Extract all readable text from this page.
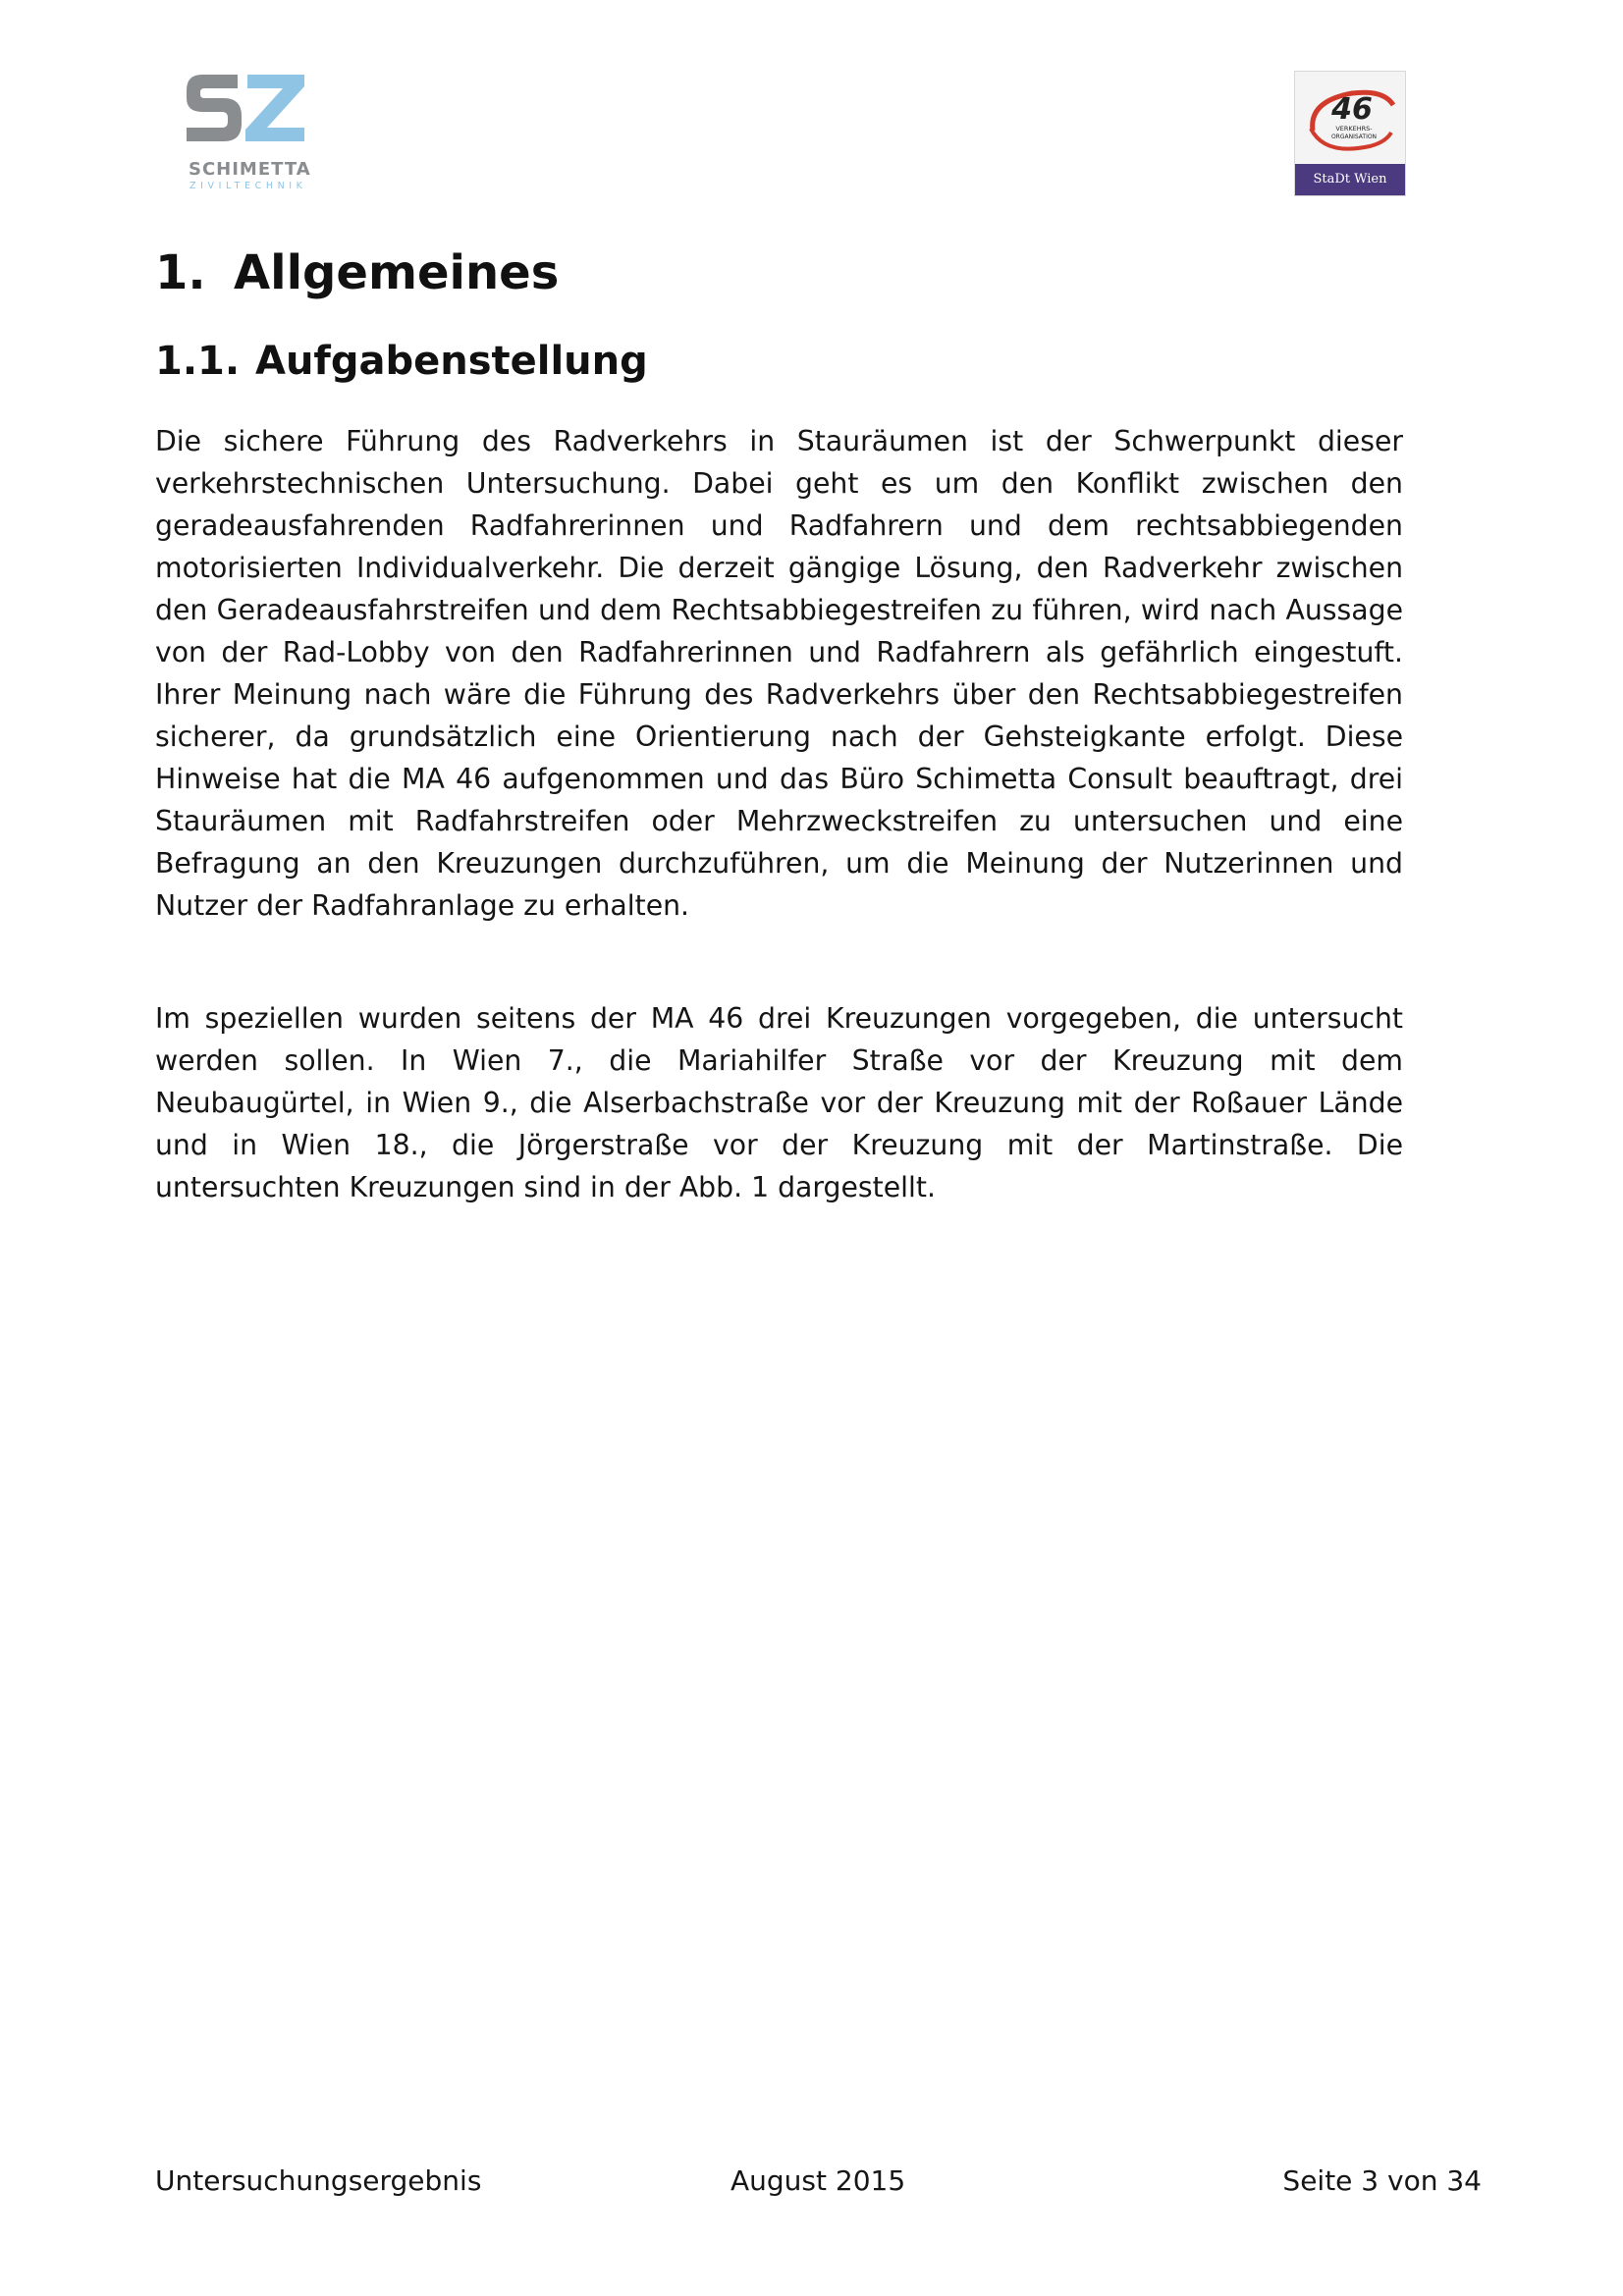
SCHIMETTA
ZIVILTECHNIK
46
VERKEHRS-
ORGANISATION
StaDt Wien
1. Allgemeines
1.1. Aufgabenstellung

Die sichere Führung des Radverkehrs in Stauräumen ist der Schwerpunkt dieser verkehrstechnischen Untersuchung. Dabei geht es um den Konflikt zwischen den geradeausfahrenden Radfahrerinnen und Radfahrern und dem rechtsabbiegenden motorisierten Individualverkehr. Die derzeit gängige Lösung, den Radverkehr zwischen den Geradeausfahrstreifen und dem Rechtsabbiegestreifen zu führen, wird nach Aussage von der Rad-Lobby von den Radfahrerinnen und Radfahrern als gefährlich eingestuft. Ihrer Meinung nach wäre die Führung des Radverkehrs über den Rechtsabbiegestreifen sicherer, da grundsätzlich eine Orientierung nach der Gehsteigkante erfolgt. Diese Hinweise hat die MA 46 aufgenommen und das Büro Schimetta Consult beauftragt, drei Stauräumen mit Radfahrstreifen oder Mehrzweckstreifen zu untersuchen und eine Befragung an den Kreuzungen durchzuführen, um die Meinung der Nutzerinnen und Nutzer der Radfahranlage zu erhalten.

Im speziellen wurden seitens der MA 46 drei Kreuzungen vorgegeben, die untersucht werden sollen. In Wien 7., die Mariahilfer Straße vor der Kreuzung mit dem Neubaugürtel, in Wien 9., die Alserbachstraße vor der Kreuzung mit der Roßauer Lände und in Wien 18., die Jörgerstraße vor der Kreuzung mit der Martinstraße. Die untersuchten Kreuzungen sind in der Abb. 1 dargestellt.

Untersuchungsergebnis	August 2015	Seite 3 von 34
